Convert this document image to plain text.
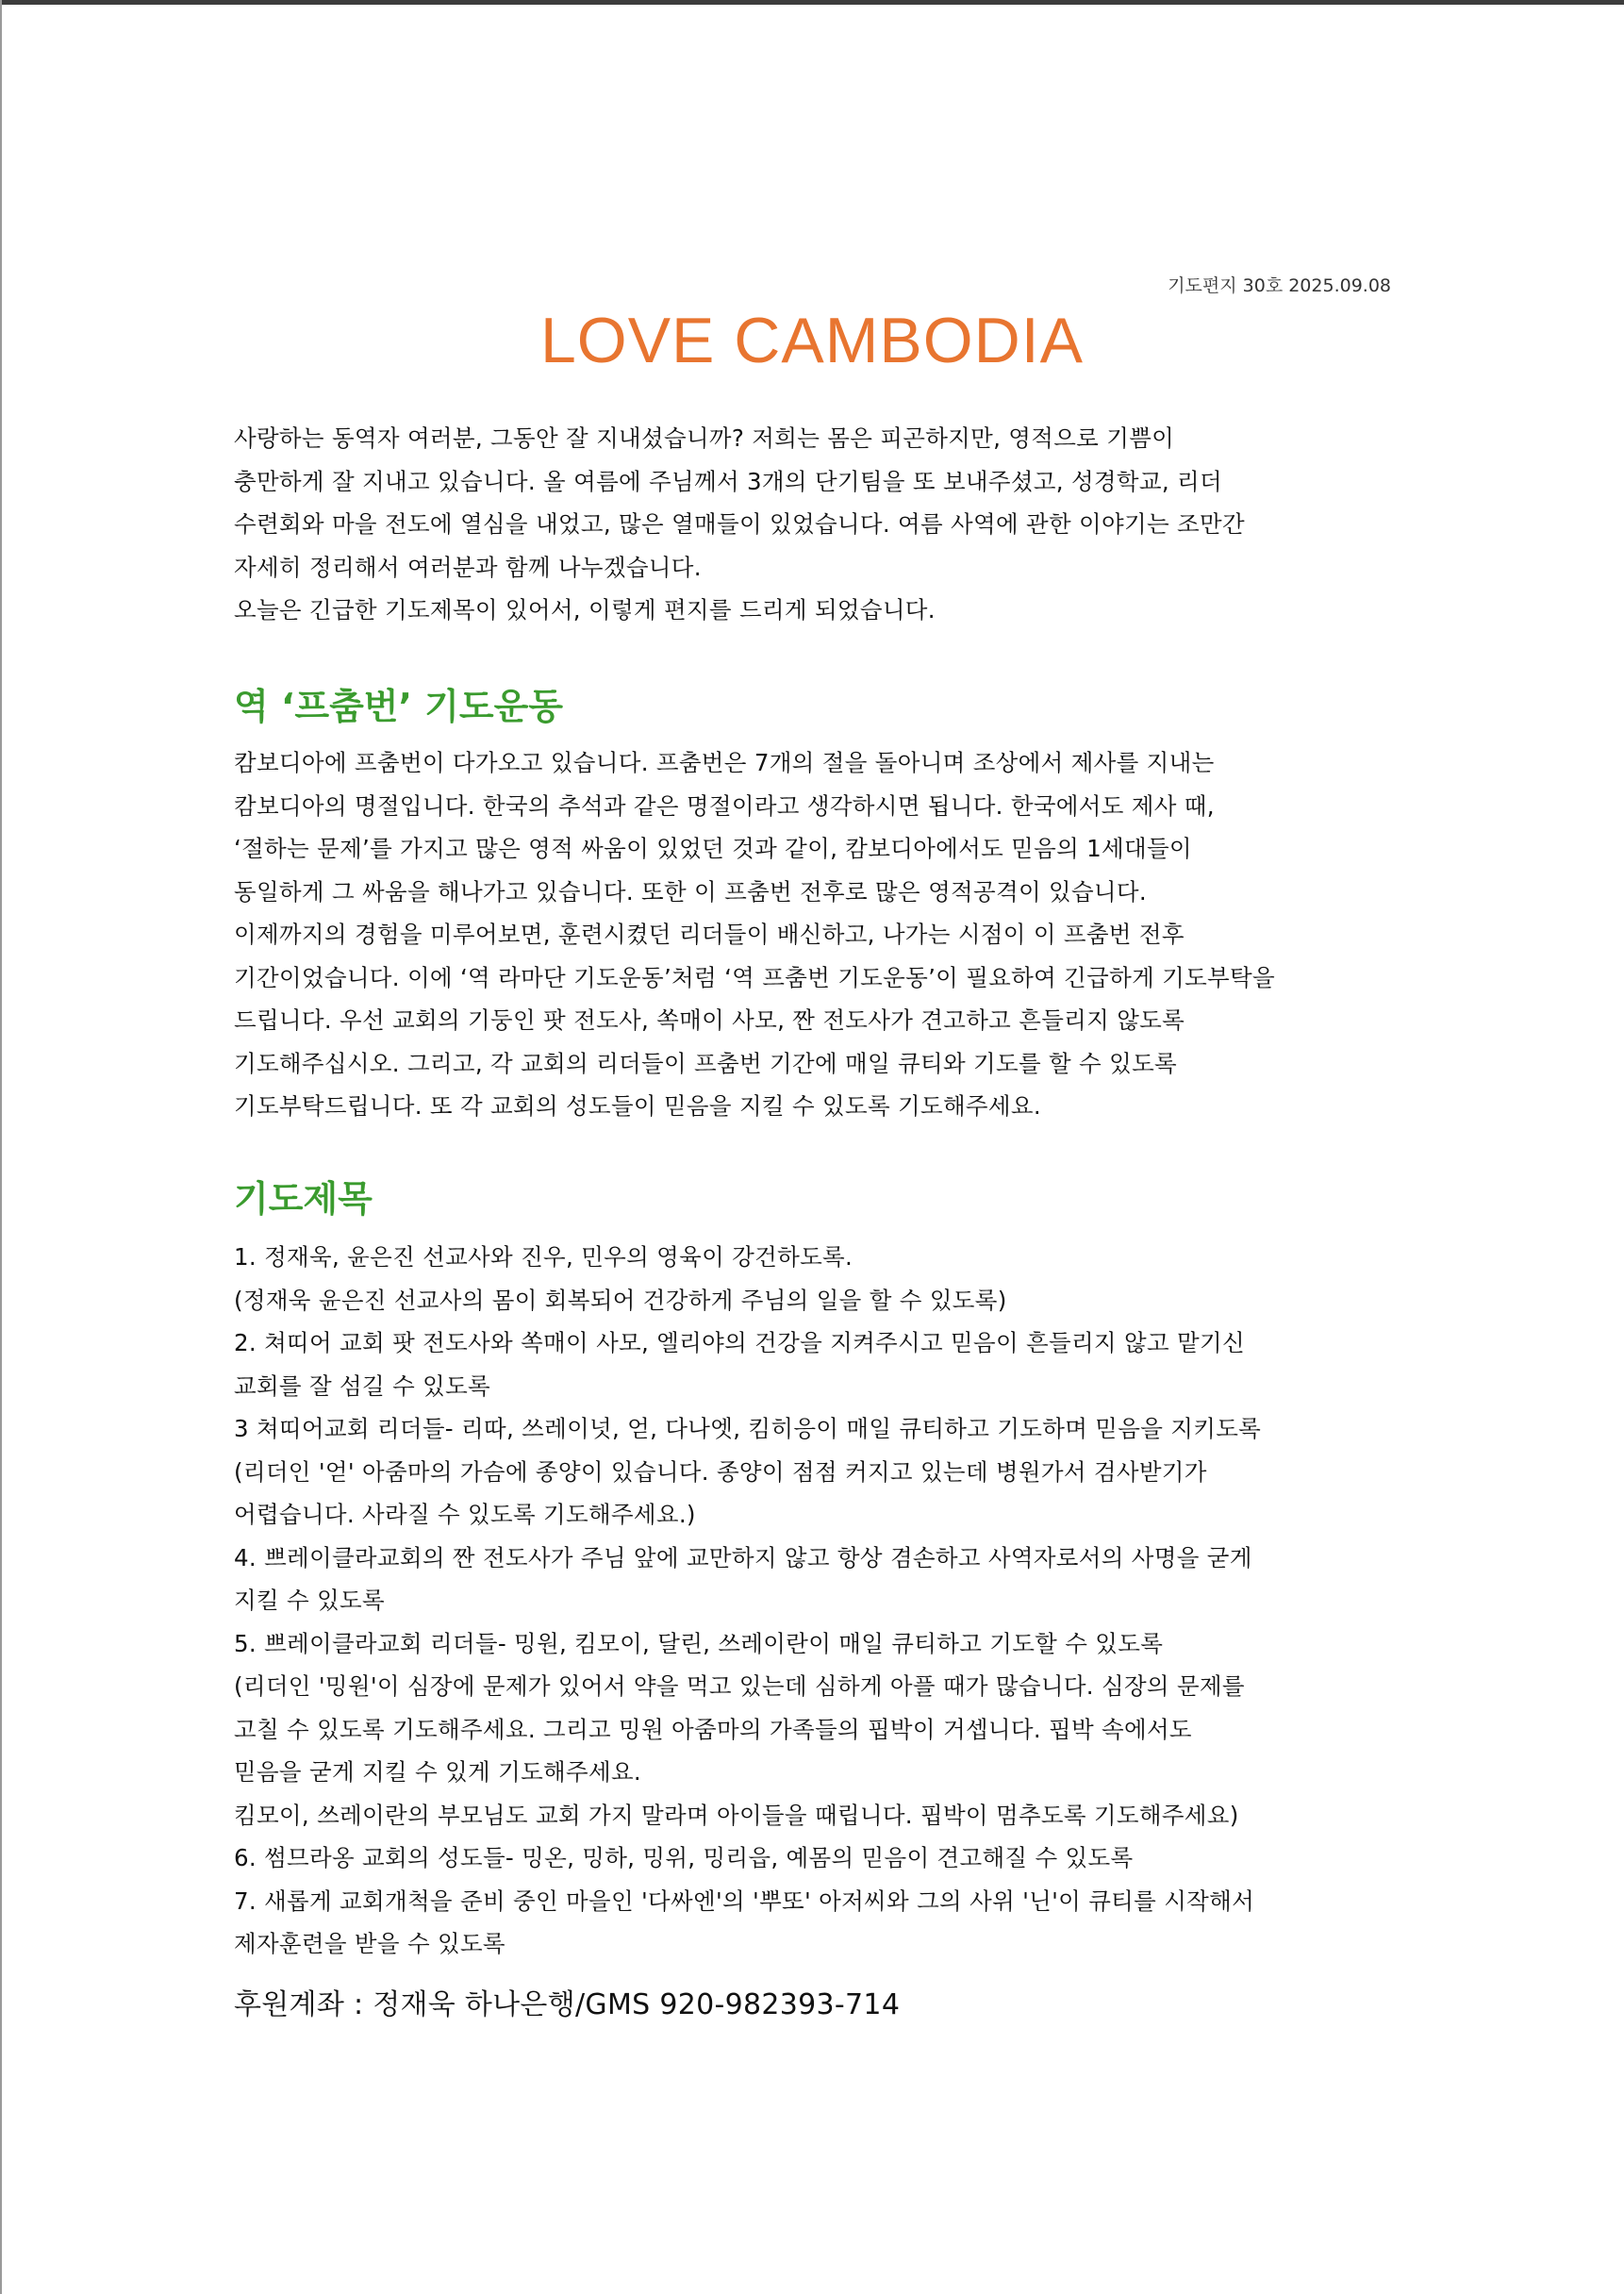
기도편지 30호 2025.09.08
LOVE CAMBODIA
사랑하는 동역자 여러분, 그동안 잘 지내셨습니까? 저희는 몸은 피곤하지만, 영적으로 기쁨이
충만하게 잘 지내고 있습니다. 올 여름에 주님께서 3개의 단기팀을 또 보내주셨고, 성경학교, 리더
수련회와 마을 전도에 열심을 내었고, 많은 열매들이 있었습니다. 여름 사역에 관한 이야기는 조만간
자세히 정리해서 여러분과 함께 나누겠습니다.
오늘은 긴급한 기도제목이 있어서, 이렇게 편지를 드리게 되었습니다.
역 ‘프춤번’ 기도운동
캄보디아에 프춤번이 다가오고 있습니다. 프춤번은 7개의 절을 돌아니며 조상에서 제사를 지내는
캄보디아의 명절입니다. 한국의 추석과 같은 명절이라고 생각하시면 됩니다. 한국에서도 제사 때,
‘절하는 문제’를 가지고 많은 영적 싸움이 있었던 것과 같이, 캄보디아에서도 믿음의 1세대들이
동일하게 그 싸움을 해나가고 있습니다. 또한 이 프춤번 전후로 많은 영적공격이 있습니다.
이제까지의 경험을 미루어보면, 훈련시켰던 리더들이 배신하고, 나가는 시점이 이 프춤번 전후
기간이었습니다. 이에 ‘역 라마단 기도운동’처럼 ‘역 프춤번 기도운동’이 필요하여 긴급하게 기도부탁을
드립니다. 우선 교회의 기둥인 팟 전도사, 쏙매이 사모, 짠 전도사가 견고하고 흔들리지 않도록
기도해주십시오. 그리고, 각 교회의 리더들이 프춤번 기간에 매일 큐티와 기도를 할 수 있도록
기도부탁드립니다. 또 각 교회의 성도들이 믿음을 지킬 수 있도록 기도해주세요.
기도제목
1. 정재욱, 윤은진 선교사와 진우, 민우의 영육이 강건하도록.
(정재욱 윤은진 선교사의 몸이 회복되어 건강하게 주님의 일을 할 수 있도록)
2. 쳐띠어 교회 팟 전도사와 쏙매이 사모, 엘리야의 건강을 지켜주시고 믿음이 흔들리지 않고 맡기신
교회를 잘 섬길 수 있도록
3 쳐띠어교회 리더들- 리따, 쓰레이넛, 얻, 다나엣, 킴히응이 매일 큐티하고 기도하며 믿음을 지키도록
(리더인 '얻' 아줌마의 가슴에 종양이 있습니다. 종양이 점점 커지고 있는데 병원가서 검사받기가
어렵습니다. 사라질 수 있도록 기도해주세요.)
4. 쁘레이클라교회의 짠 전도사가 주님 앞에 교만하지 않고 항상 겸손하고 사역자로서의 사명을 굳게
지킬 수 있도록
5. 쁘레이클라교회 리더들- 밍원, 킴모이, 달린, 쓰레이란이 매일 큐티하고 기도할 수 있도록
(리더인 '밍원'이 심장에 문제가 있어서 약을 먹고 있는데 심하게 아플 때가 많습니다. 심장의 문제를
고칠 수 있도록 기도해주세요. 그리고 밍원 아줌마의 가족들의 핍박이 거셉니다. 핍박 속에서도
믿음을 굳게 지킬 수 있게 기도해주세요.
킴모이, 쓰레이란의 부모님도 교회 가지 말라며 아이들을 때립니다. 핍박이 멈추도록 기도해주세요)
6. 썸므라옹 교회의 성도들- 밍온, 밍하, 밍위, 밍리읍, 예몸의 믿음이 견고해질 수 있도록
7. 새롭게 교회개척을 준비 중인 마을인 '다싸엔'의 '뿌또' 아저씨와 그의 사위 '닌'이 큐티를 시작해서
제자훈련을 받을 수 있도록
후원계좌 : 정재욱 하나은행/GMS 920-982393-714
